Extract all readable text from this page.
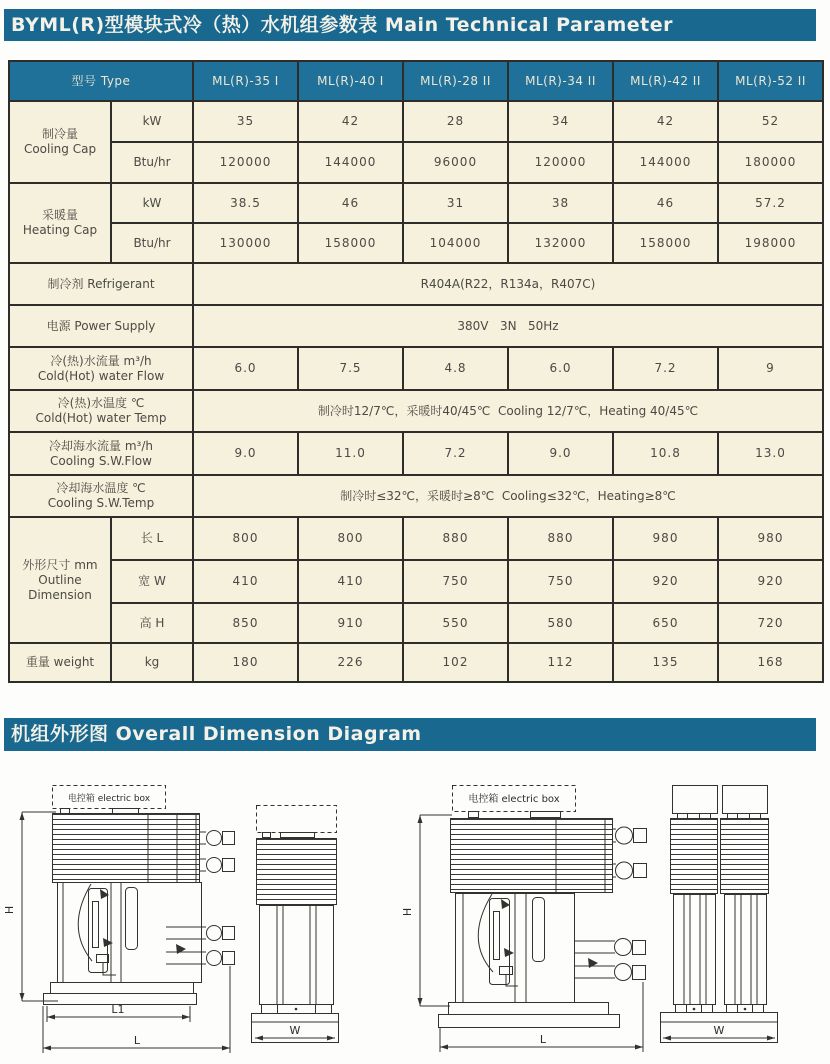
BYML(R)型模块式冷（热）水机组参数表 Main Technical Parameter
型号 Type		ML(R)-35 I	ML(R)-40 I	ML(R)-28 II	ML(R)-34 II	ML(R)-42 II	ML(R)-52 II

制冷量
Cooling Cap	kW	35	42	28	34	42	52
	Btu/hr	120000	144000	96000	120000	144000	180000

采暖量
Heating Cap	kW	38.5	46	31	38	46	57.2
	Btu/hr	130000	158000	104000	132000	158000	198000
制冷剂 Refrigerant		R404A(R22，R134a，R407C)					
电源 Power Supply		380V   3N   50Hz					

冷(热)水流量 m³/h
Cold(Hot) water Flow		6.0	7.5	4.8	6.0	7.2	9

冷(热)水温度 ℃
Cold(Hot) water Temp		制冷时12/7℃，采暖时40/45℃  Cooling 12/7℃，Heating 40/45℃					

冷却海水流量 m³/h
Cooling S.W.Flow		9.0	11.0	7.2	9.0	10.8	13.0

冷却海水温度 ℃
Cooling S.W.Temp		制冷时≤32℃，采暖时≥8℃  Cooling≤32℃，Heating≥8℃					

外形尺寸 mm
Outline Dimension	长 L	800	800	880	880	980	980
	宽 W	410	410	750	750	920	920
	高 H	850	910	550	580	650	720
重量 weight	kg	180	226	102	112	135	168
机组外形图 Overall Dimension Diagram
电控箱 electric box
H
L1
L
W
电控箱 electric box
H
L
W
